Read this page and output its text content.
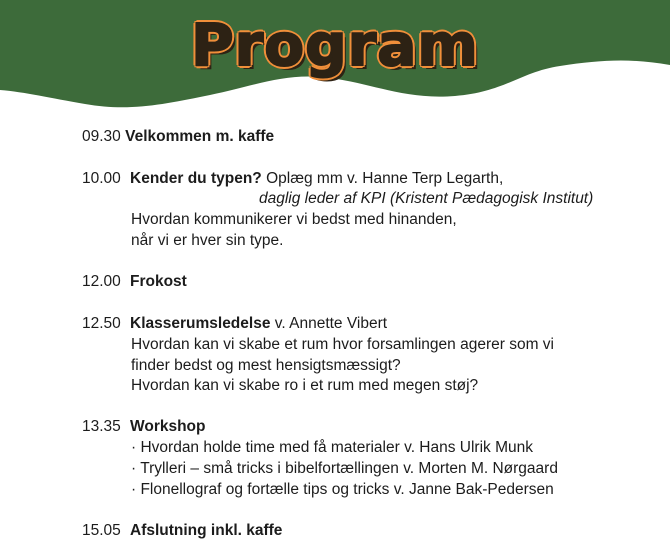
Program
09.30 Velkommen m. kaffe
10.00 Kender du typen? Oplæg mm v. Hanne Terp Legarth,
daglig leder af KPI (Kristent Pædagogisk Institut)
Hvordan kommunikerer vi bedst med hinanden,
når vi er hver sin type.
12.00 Frokost
12.50 Klasserumsledelse v. Annette Vibert
Hvordan kan vi skabe et rum hvor forsamlingen agerer som vi
finder bedst og mest hensigtsmæssigt?
Hvordan kan vi skabe ro i et rum med megen støj?
13.35 Workshop
· Hvordan holde time med få materialer v. Hans Ulrik Munk
· Trylleri – små tricks i bibelfortællingen v. Morten M. Nørgaard
· Flonellograf og fortælle tips og tricks v. Janne Bak-Pedersen
15.05 Afslutning inkl. kaffe
